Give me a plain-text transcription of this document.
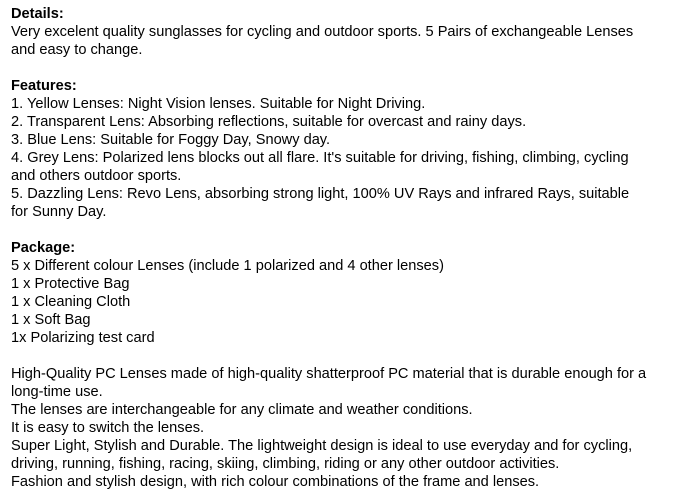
Details:
Very excelent quality sunglasses for cycling and outdoor sports. 5 Pairs of exchangeable Lenses
and easy to change.
Features:
1. Yellow Lenses: Night Vision lenses. Suitable for Night Driving.
2. Transparent Lens: Absorbing reflections, suitable for overcast and rainy days.
3. Blue Lens: Suitable for Foggy Day, Snowy day.
4. Grey Lens: Polarized lens blocks out all flare. It's suitable for driving, fishing, climbing, cycling
and others outdoor sports.
5. Dazzling Lens: Revo Lens, absorbing strong light, 100% UV Rays and infrared Rays, suitable
for Sunny Day.
Package:
5 x Different colour Lenses (include 1 polarized and 4 other lenses)
1 x Protective Bag
1 x Cleaning Cloth
1 x Soft Bag
1x Polarizing test card
High-Quality PC Lenses made of high-quality shatterproof PC material that is durable enough for a
long-time use.
The lenses are interchangeable for any climate and weather conditions.
It is easy to switch the lenses.
Super Light, Stylish and Durable. The lightweight design is ideal to use everyday and for cycling,
driving, running, fishing, racing, skiing, climbing, riding or any other outdoor activities.
Fashion and stylish design, with rich colour combinations of the frame and lenses.
